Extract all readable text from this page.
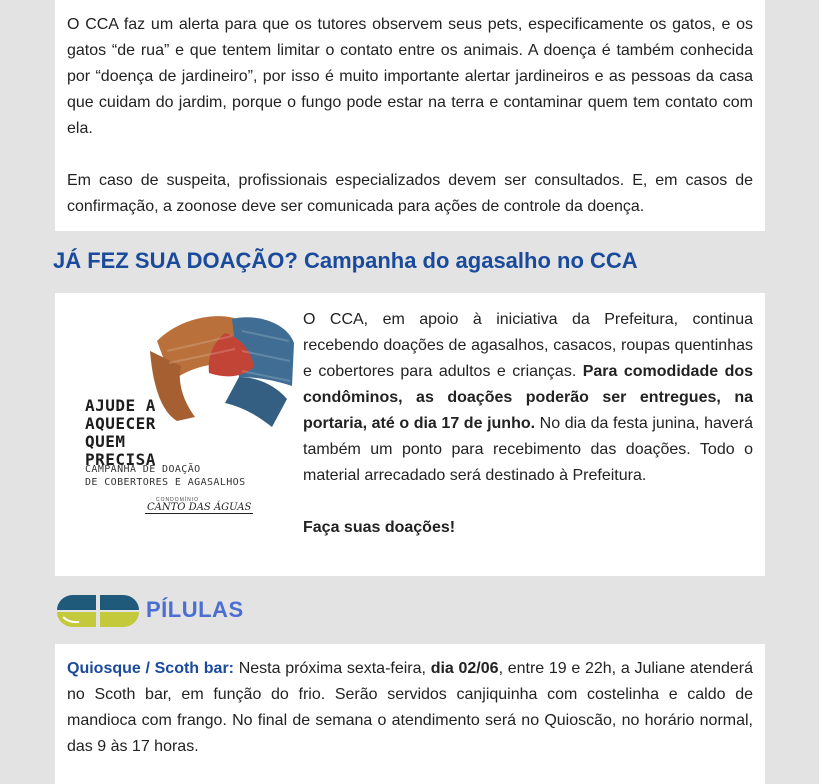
O CCA faz um alerta para que os tutores observem seus pets, especificamente os gatos, e os gatos “de rua” e que tentem limitar o contato entre os animais. A doença é também conhecida por “doença de jardineiro”, por isso é muito importante alertar jardineiros e as pessoas da casa que cuidam do jardim, porque o fungo pode estar na terra e contaminar quem tem contato com ela.

Em caso de suspeita, profissionais especializados devem ser consultados. E, em casos de confirmação, a zoonose deve ser comunicada para ações de controle da doença.

JÁ FEZ SUA DOAÇÃO? Campanha do agasalho no CCA
AJUDE A
AQUECER
QUEM
PRECISA
CAMPANHA DE DOAÇÃO
DE COBERTORES E AGASALHOS
CONDOMÍNIO
CANTO DAS ÁGUAS

O CCA, em apoio à iniciativa da Prefeitura, continua recebendo doações de agasalhos, casacos, roupas quentinhas e cobertores para adultos e crianças. Para comodidade dos condôminos, as doações poderão ser entregues, na portaria, até o dia 17 de junho. No dia da festa junina, haverá também um ponto para recebimento das doações. Todo o material arrecadado será destinado à Prefeitura.

Faça suas doações!

PÍLULAS

Quiosque / Scoth bar: Nesta próxima sexta-feira, dia 02/06, entre 19 e 22h, a Juliane atenderá no Scoth bar, em função do frio. Serão servidos canjiquinha com costelinha e caldo de mandioca com frango. No final de semana o atendimento será no Quioscão, no horário normal, das 9 às 17 horas.
